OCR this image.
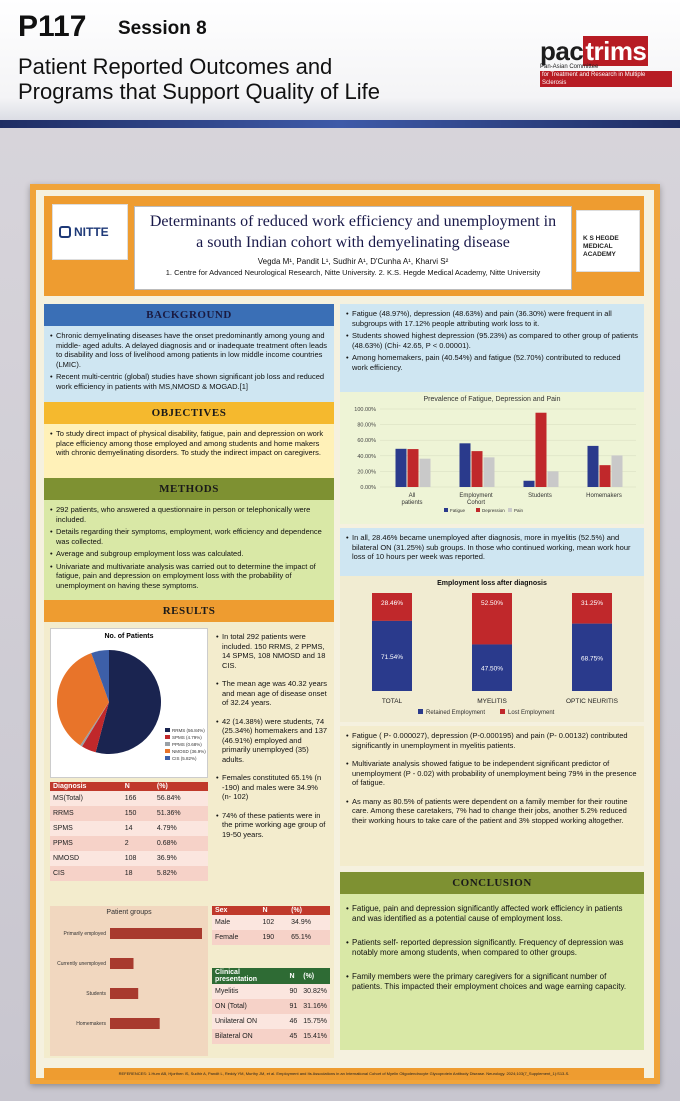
P117 Session 8
Patient Reported Outcomes and
Programs that Support Quality of Life
pactrims
Pan-Asian Committee
for Treatment and Research in Multiple Sclerosis
NITTE
Determinants of reduced work efficiency and unemployment in
a south Indian cohort with demyelinating disease
Vegda M¹, Pandit L¹, Sudhir A¹, D'Cunha A¹, Kharvi S²
1. Centre for Advanced Neurological Research, Nitte University. 2. K.S. Hegde Medical Academy, Nitte University
K S HEGDE MEDICAL ACADEMY
BACKGROUND
• Chronic demyelinating diseases have the onset predominantly among young and middle- aged adults. A delayed diagnosis and or inadequate treatment often leads to disability and loss of livelihood among patients in low middle income countries (LMIC).
• Recent multi-centric (global) studies have shown significant job loss and reduced work efficiency in patients with MS,NMOSD & MOGAD.[1]
OBJECTIVES
• To study direct impact of physical disability, fatigue, pain and depression on work place efficiency among those employed and among students and home makers with chronic demyelinating disorders. To study the indirect impact on caregivers.
METHODS
• 292 patients, who answered a questionnaire in person or telephonically were included.
• Details regarding their symptoms, employment, work efficiency and dependence was collected.
• Average and subgroup employment loss was calculated.
• Univariate and multivariate analysis was carried out to determine the impact of fatigue, pain and depression on employment loss with the probability of unemployment on having these symptoms.
RESULTS
No. of Patients
RRMS (56.84%)
SPMS (4.79%)
PPMS (0.68%)
NMOSD (36.9%)
CIS (5.82%)
Diagnosis	N	(%)
MS(Total)	166	56.84%
RRMS	150	51.36%
SPMS	14	4.79%
PPMS	2	0.68%
NMOSD	108	36.9%
CIS	18	5.82%
Patient groups
Primarily employed
Currently unemployed
Students
Homemakers
• In total 292 patients were included. 150 RRMS, 2 PPMS, 14 SPMS, 108 NMOSD and 18 CIS.
• The mean age was 40.32 years and mean age of disease onset of 32.24 years.
• 42 (14.38%) were students, 74 (25.34%) homemakers and 137 (46.91%) employed and primarily unemployed (35) adults.
• Females constituted 65.1% (n -190) and males were 34.9% (n- 102)
• 74% of these patients were in the prime working age group of 19-50 years.
Sex	N	(%)
Male	102	34.9%
Female	190	65.1%
Clinical presentation	N	(%)
Myelitis	90	30.82%
ON (Total)	91	31.16%
Unilateral ON	46	15.75%
Bilateral ON	45	15.41%
• Fatigue (48.97%), depression (48.63%) and pain (36.30%) were frequent in all subgroups with 17.12% people attributing work loss to it.
• Students showed highest depression (95.23%) as compared to other group of patients (48.63%) (Chi- 42.65, P < 0.00001).
• Among homemakers, pain (40.54%) and fatigue (52.70%) contributed to reduced work efficiency.
Prevalence of Fatigue, Depression and Pain
0.00%
20.00%
40.00%
60.00%
80.00%
100.00%
All
patients
Employment
Cohort
Students	Homemakers
Fatigue	Depression Pain
• In all, 28.46% became unemployed after diagnosis, more in myelitis (52.5%) and bilateral ON (31.25%) sub groups. In those who continued working, mean work hour loss of 10 hours per week was reported.
Employment loss after diagnosis
28.46%
71.54%
TOTAL
52.50%
47.50%
MYELITIS
31.25%
68.75%
OPTIC NEURITIS
Retained Employment	Lost Employment
• Fatigue ( P- 0.000027), depression (P-0.000195) and pain (P- 0.00132) contributed significantly in unemployment in myelitis patients.
• Multivariate analysis showed fatigue to be independent significant predictor of unemployment (P - 0.02) with probability of unemployment being 79% in the presence of fatigue.
• As many as 80.5% of patients were dependent on a family member for their routine care. Among these caretakers, 7% had to change their jobs, another 5.2% reduced their working hours to take care of the patient and 3% stopped working altogether.
CONCLUSION
• Fatigue, pain and depression significantly affected work efficiency in patients and was identified as a potential cause of employment loss.
• Patients self- reported depression significantly. Frequency of depression was notably more among students, when compared to other groups.
• Family members were the primary caregivers for a significant number of patients. This impacted their employment choices and wage earning capacity.
REFERENCES: 1.Hum AB, Hjorthen IS, Sudhir A, Pandit L, Reddy YM, Murthy JM, et al. Employment and Its Associations in an International Cohort of Myelin Oligodendrocyte Glycoprotein Antibody Disease. Neurology. 2024;103(7_Supplement_1):S13-S.
